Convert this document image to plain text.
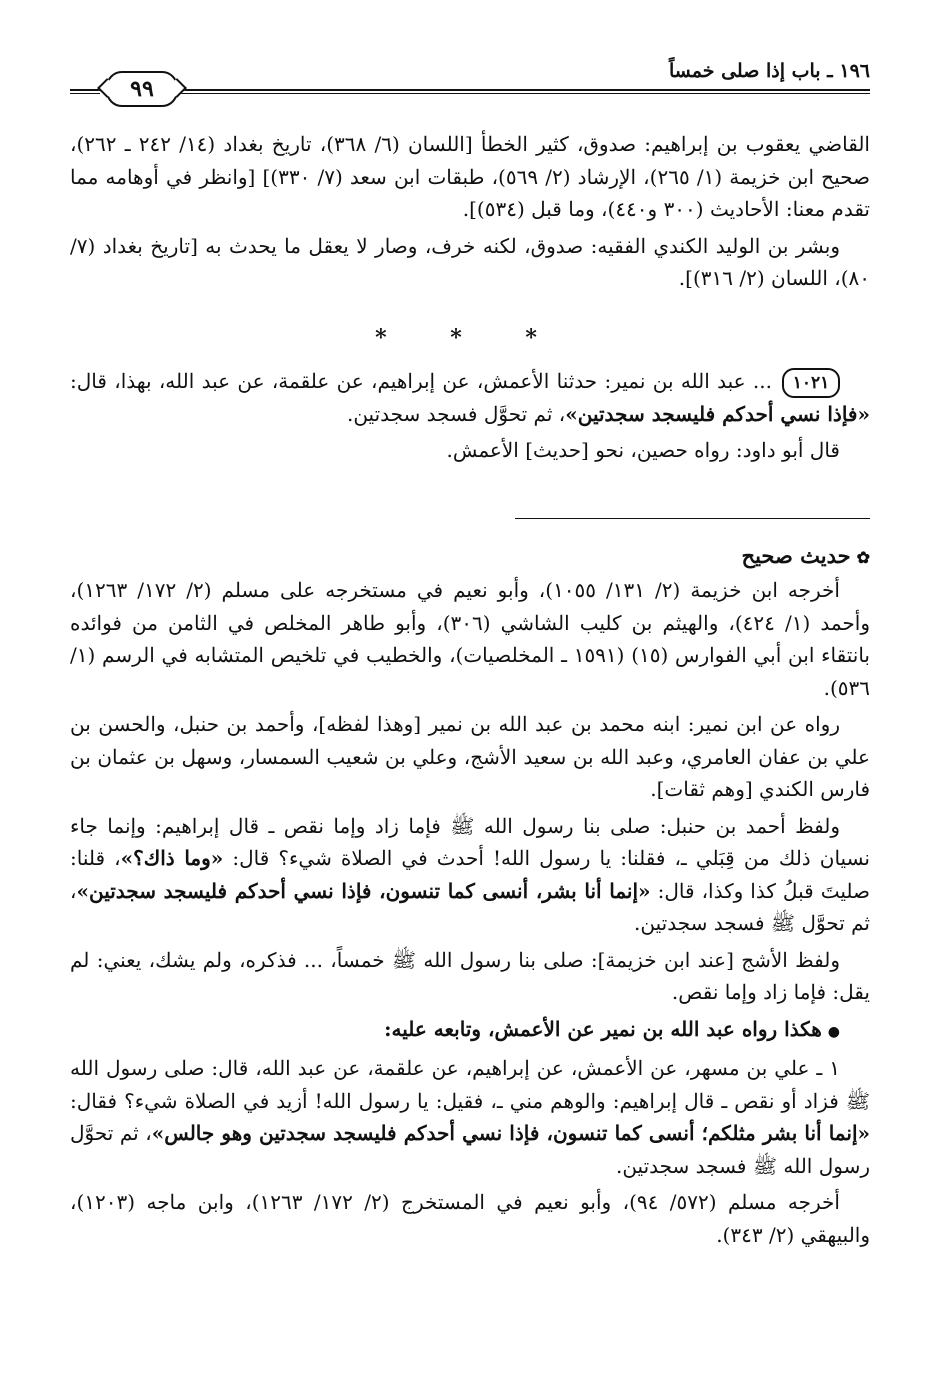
١٩٦ ـ باب إذا صلى خمساً
٩٩

القاضي يعقوب بن إبراهيم: صدوق، كثير الخطأ [اللسان (٦/ ٣٦٨)، تاريخ بغداد (١٤/ ٢٤٢ ـ ٢٦٢)، صحيح ابن خزيمة (١/ ٢٦٥)، الإرشاد (٢/ ٥٦٩)، طبقات ابن سعد (٧/ ٣٣٠)] [وانظر في أوهامه مما تقدم معنا: الأحاديث (٣٠٠ و٤٤٠)، وما قبل (٥٣٤)].

وبشر بن الوليد الكندي الفقيه: صدوق، لكنه خرف، وصار لا يعقل ما يحدث به [تاريخ بغداد (٧/ ٨٠)، اللسان (٢/ ٣١٦)].

* * *

١٠٢١... عبد الله بن نمير: حدثنا الأعمش، عن إبراهيم، عن علقمة، عن عبد الله، بهذا، قال: «فإذا نسي أحدكم فليسجد سجدتين»، ثم تحوَّل فسجد سجدتين.

قال أبو داود: رواه حصين، نحو [حديث] الأعمش.

✿حديث صحيح

أخرجه ابن خزيمة (٢/ ١٣١/ ١٠٥٥)، وأبو نعيم في مستخرجه على مسلم (٢/ ١٧٢/ ١٢٦٣)، وأحمد (١/ ٤٢٤)، والهيثم بن كليب الشاشي (٣٠٦)، وأبو طاهر المخلص في الثامن من فوائده بانتقاء ابن أبي الفوارس (١٥) (١٥٩١ ـ المخلصيات)، والخطيب في تلخيص المتشابه في الرسم (١/ ٥٣٦).

رواه عن ابن نمير: ابنه محمد بن عبد الله بن نمير [وهذا لفظه]، وأحمد بن حنبل، والحسن بن علي بن عفان العامري، وعبد الله بن سعيد الأشج، وعلي بن شعيب السمسار، وسهل بن عثمان بن فارس الكندي [وهم ثقات].

ولفظ أحمد بن حنبل: صلى بنا رسول الله ﷺ فإما زاد وإما نقص ـ قال إبراهيم: وإنما جاء نسيان ذلك من قِبَلي ـ، فقلنا: يا رسول الله! أحدث في الصلاة شيء؟ قال: «وما ذاك؟»، قلنا: صليتَ قبلُ كذا وكذا، قال: «إنما أنا بشر، أنسى كما تنسون، فإذا نسي أحدكم فليسجد سجدتين»، ثم تحوَّل ﷺ فسجد سجدتين.

ولفظ الأشج [عند ابن خزيمة]: صلى بنا رسول الله ﷺ خمساً، ... فذكره، ولم يشك، يعني: لم يقل: فإما زاد وإما نقص.

●هكذا رواه عبد الله بن نمير عن الأعمش، وتابعه عليه:

١ ـ علي بن مسهر، عن الأعمش، عن إبراهيم، عن علقمة، عن عبد الله، قال: صلى رسول الله ﷺ فزاد أو نقص ـ قال إبراهيم: والوهم مني ـ، فقيل: يا رسول الله! أزيد في الصلاة شيء؟ فقال: «إنما أنا بشر مثلكم؛ أنسى كما تنسون، فإذا نسي أحدكم فليسجد سجدتين وهو جالس»، ثم تحوَّل رسول الله ﷺ فسجد سجدتين.

أخرجه مسلم (٥٧٢/ ٩٤)، وأبو نعيم في المستخرج (٢/ ١٧٢/ ١٢٦٣)، وابن ماجه (١٢٠٣)، والبيهقي (٢/ ٣٤٣).
